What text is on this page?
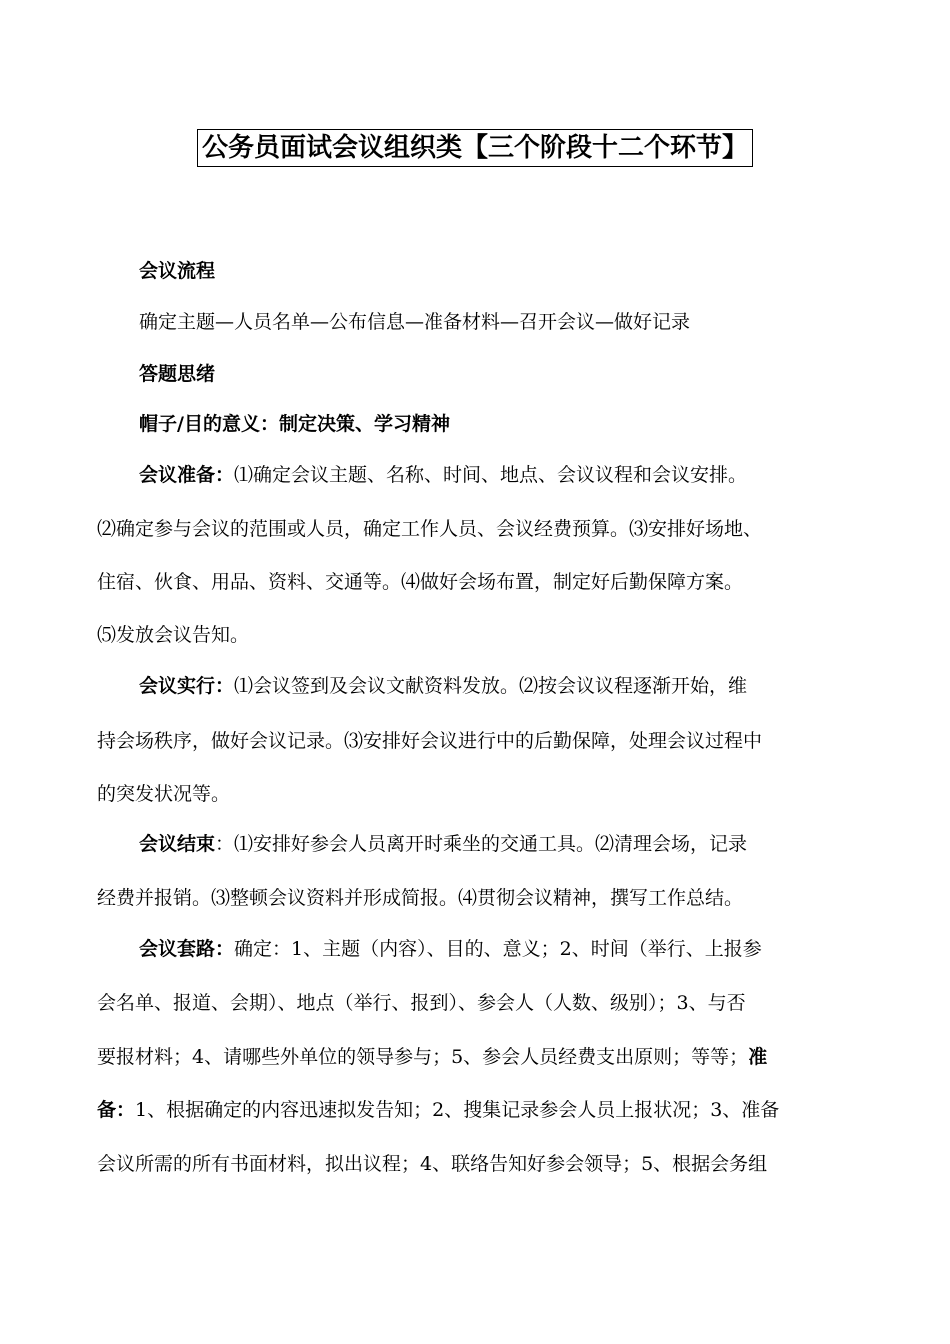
公务员面试会议组织类【三个阶段十二个环节】
会议流程
确定主题—人员名单—公布信息—准备材料—召开会议—做好记录
答题思绪
帽子/目的意义：制定决策、学习精神
会议准备：⑴确定会议主题、名称、时间、地点、会议议程和会议安排。
⑵确定参与会议的范围或人员，确定工作人员、会议经费预算。⑶安排好场地、
住宿、伙食、用品、资料、交通等。⑷做好会场布置，制定好后勤保障方案。
⑸发放会议告知。
会议实行：⑴会议签到及会议文献资料发放。⑵按会议议程逐渐开始，维
持会场秩序，做好会议记录。⑶安排好会议进行中的后勤保障，处理会议过程中
的突发状况等。
会议结束：⑴安排好参会人员离开时乘坐的交通工具。⑵清理会场，记录
经费并报销。⑶整顿会议资料并形成简报。⑷贯彻会议精神，撰写工作总结。
会议套路：确定：1、主题（内容）、目的、意义；2、时间（举行、上报参
会名单、报道、会期）、地点（举行、报到）、参会人（人数、级别）；3、与否
要报材料；4、请哪些外单位的领导参与；5、参会人员经费支出原则；等等；准
备：1、根据确定的内容迅速拟发告知；2、搜集记录参会人员上报状况；3、准备
会议所需的所有书面材料，拟出议程；4、联络告知好参会领导；5、根据会务组
